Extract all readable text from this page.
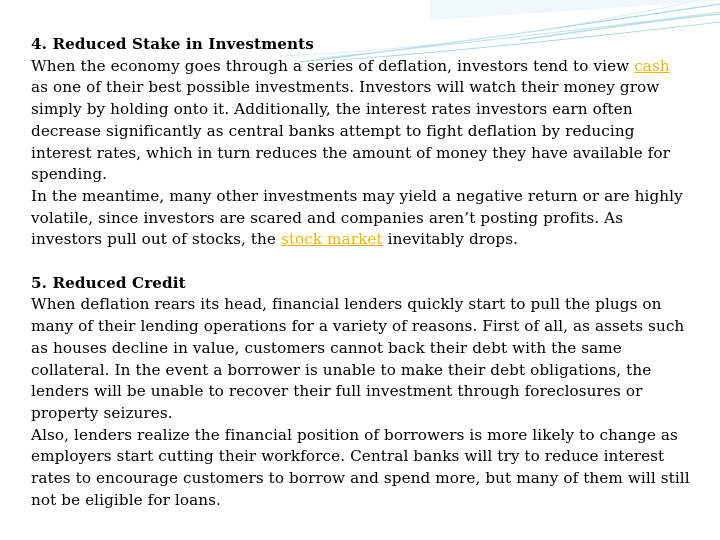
4. Reduced Stake in Investments
When the economy goes through a series of deflation, investors tend to view cash as one of their best possible investments. Investors will watch their money grow simply by holding onto it. Additionally, the interest rates investors earn often decrease significantly as central banks attempt to fight deflation by reducing interest rates, which in turn reduces the amount of money they have available for spending.
In the meantime, many other investments may yield a negative return or are highly volatile, since investors are scared and companies aren’t posting profits. As investors pull out of stocks, the stock market inevitably drops.
5. Reduced Credit
When deflation rears its head, financial lenders quickly start to pull the plugs on many of their lending operations for a variety of reasons. First of all, as assets such as houses decline in value, customers cannot back their debt with the same collateral. In the event a borrower is unable to make their debt obligations, the lenders will be unable to recover their full investment through foreclosures or property seizures.
Also, lenders realize the financial position of borrowers is more likely to change as employers start cutting their workforce. Central banks will try to reduce interest rates to encourage customers to borrow and spend more, but many of them will still not be eligible for loans.
